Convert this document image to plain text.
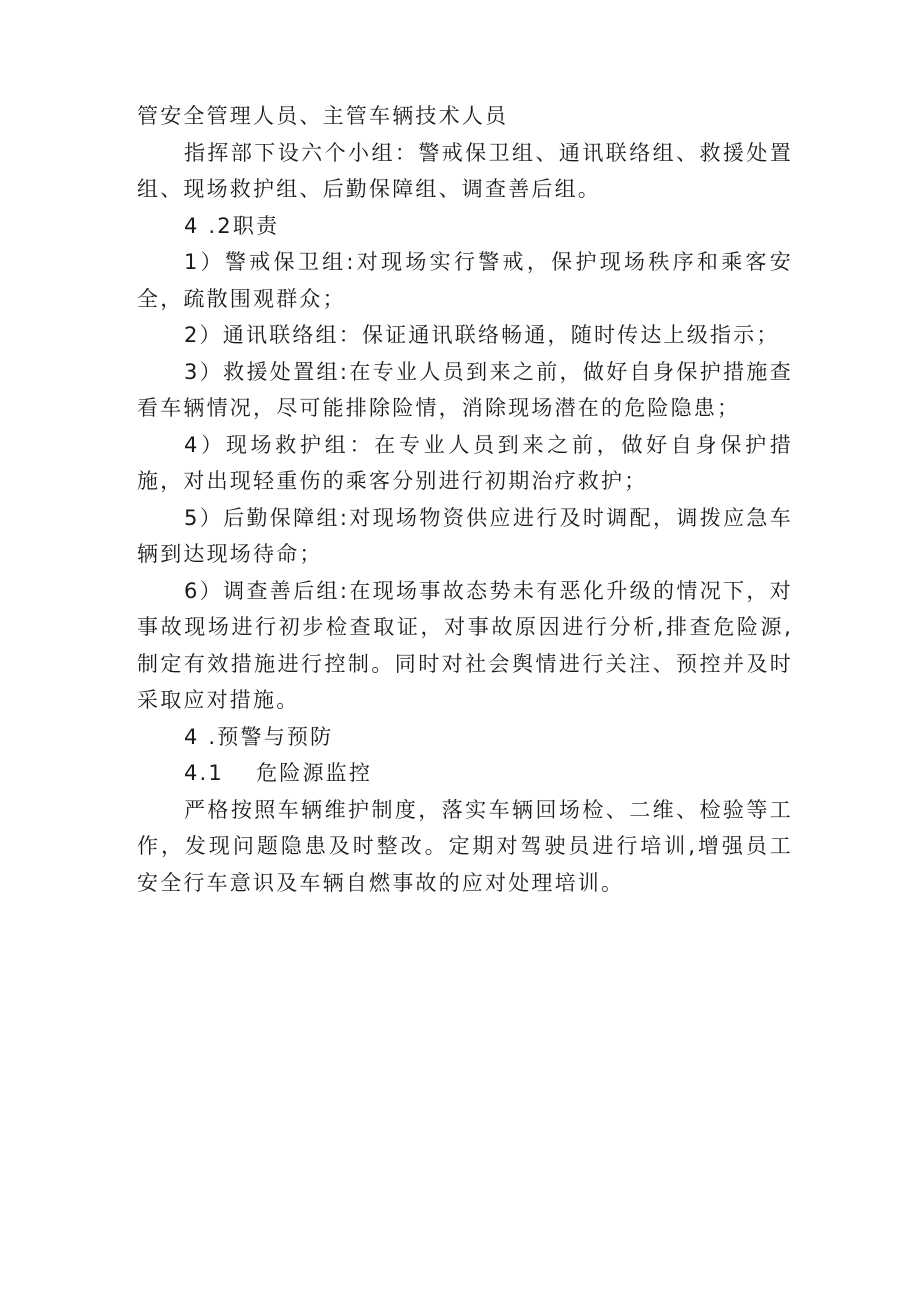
管安全管理人员、主管车辆技术人员

指挥部下设六个小组：警戒保卫组、通讯联络组、救援处置组、现场救护组、后勤保障组、调查善后组。

4 .2职责

1）警戒保卫组:对现场实行警戒，保护现场秩序和乘客安全，疏散围观群众；

2）通讯联络组：保证通讯联络畅通，随时传达上级指示；

3）救援处置组:在专业人员到来之前，做好自身保护措施查看车辆情况，尽可能排除险情，消除现场潜在的危险隐患；

4）现场救护组：在专业人员到来之前，做好自身保护措施，对出现轻重伤的乘客分别进行初期治疗救护；

5）后勤保障组:对现场物资供应进行及时调配，调拨应急车辆到达现场待命；

6）调查善后组:在现场事故态势未有恶化升级的情况下，对事故现场进行初步检查取证，对事故原因进行分析,排查危险源,制定有效措施进行控制。同时对社会舆情进行关注、预控并及时采取应对措施。

4 .预警与预防

4.1　 危险源监控

严格按照车辆维护制度，落实车辆回场检、二维、检验等工作，发现问题隐患及时整改。定期对驾驶员进行培训,增强员工安全行车意识及车辆自燃事故的应对处理培训。
